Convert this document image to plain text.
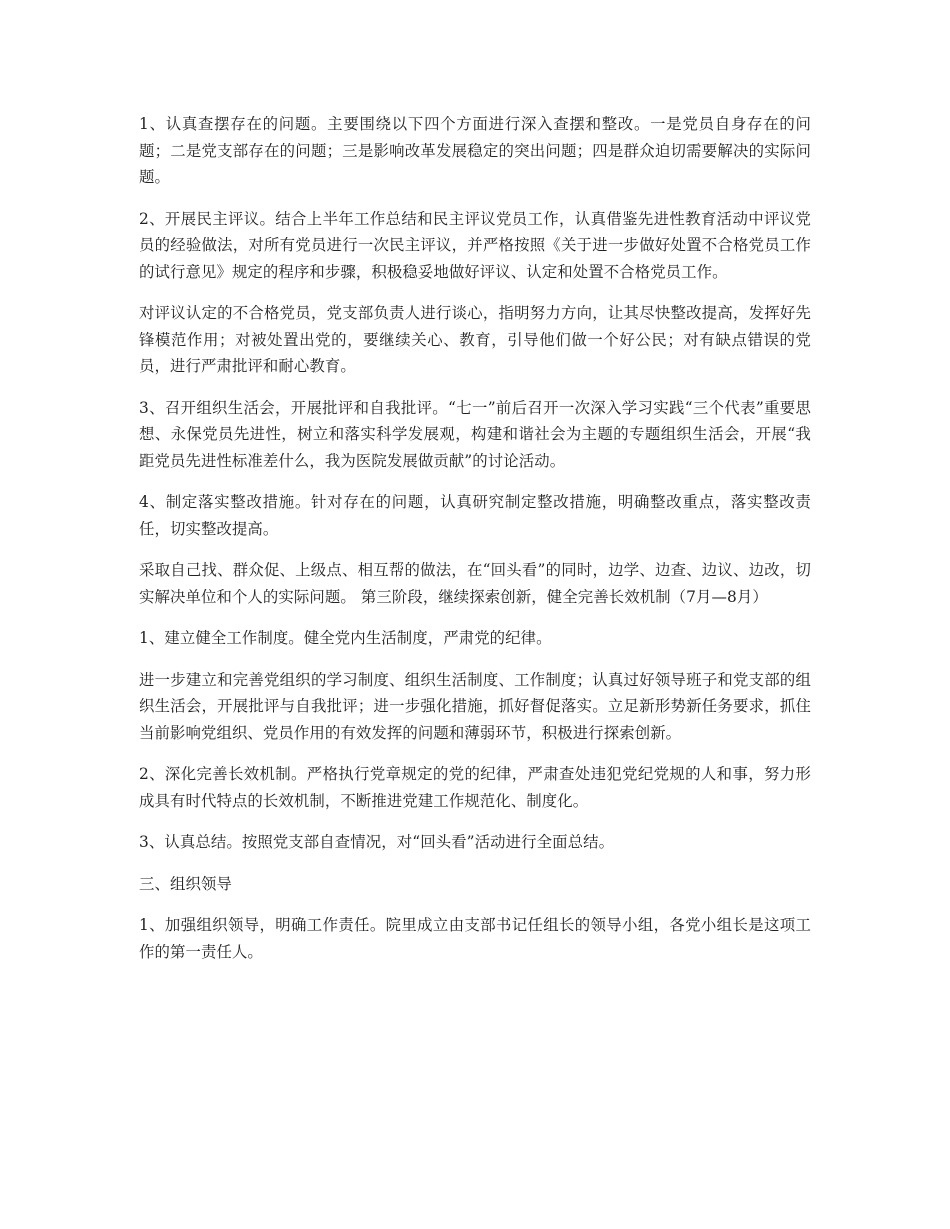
1、认真查摆存在的问题。主要围绕以下四个方面进行深入查摆和整改。一是党员自身存在的问题；二是党支部存在的问题；三是影响改革发展稳定的突出问题；四是群众迫切需要解决的实际问题。

2、开展民主评议。结合上半年工作总结和民主评议党员工作，认真借鉴先进性教育活动中评议党员的经验做法，对所有党员进行一次民主评议，并严格按照《关于进一步做好处置不合格党员工作的试行意见》规定的程序和步骤，积极稳妥地做好评议、认定和处置不合格党员工作。

对评议认定的不合格党员，党支部负责人进行谈心，指明努力方向，让其尽快整改提高，发挥好先锋模范作用；对被处置出党的，要继续关心、教育，引导他们做一个好公民；对有缺点错误的党员，进行严肃批评和耐心教育。

3、召开组织生活会，开展批评和自我批评。“七一”前后召开一次深入学习实践“三个代表”重要思想、永保党员先进性，树立和落实科学发展观，构建和谐社会为主题的专题组织生活会，开展“我距党员先进性标准差什么，我为医院发展做贡献”的讨论活动。

4、制定落实整改措施。针对存在的问题，认真研究制定整改措施，明确整改重点，落实整改责任，切实整改提高。

采取自己找、群众促、上级点、相互帮的做法，在“回头看”的同时，边学、边查、边议、边改，切实解决单位和个人的实际问题。 第三阶段，继续探索创新，健全完善长效机制（7月—8月）

1、建立健全工作制度。健全党内生活制度，严肃党的纪律。

进一步建立和完善党组织的学习制度、组织生活制度、工作制度；认真过好领导班子和党支部的组织生活会，开展批评与自我批评；进一步强化措施，抓好督促落实。立足新形势新任务要求，抓住当前影响党组织、党员作用的有效发挥的问题和薄弱环节，积极进行探索创新。

2、深化完善长效机制。严格执行党章规定的党的纪律，严肃查处违犯党纪党规的人和事，努力形成具有时代特点的长效机制，不断推进党建工作规范化、制度化。

3、认真总结。按照党支部自查情况，对“回头看”活动进行全面总结。

三、组织领导

1、加强组织领导，明确工作责任。院里成立由支部书记任组长的领导小组，各党小组长是这项工作的第一责任人。
